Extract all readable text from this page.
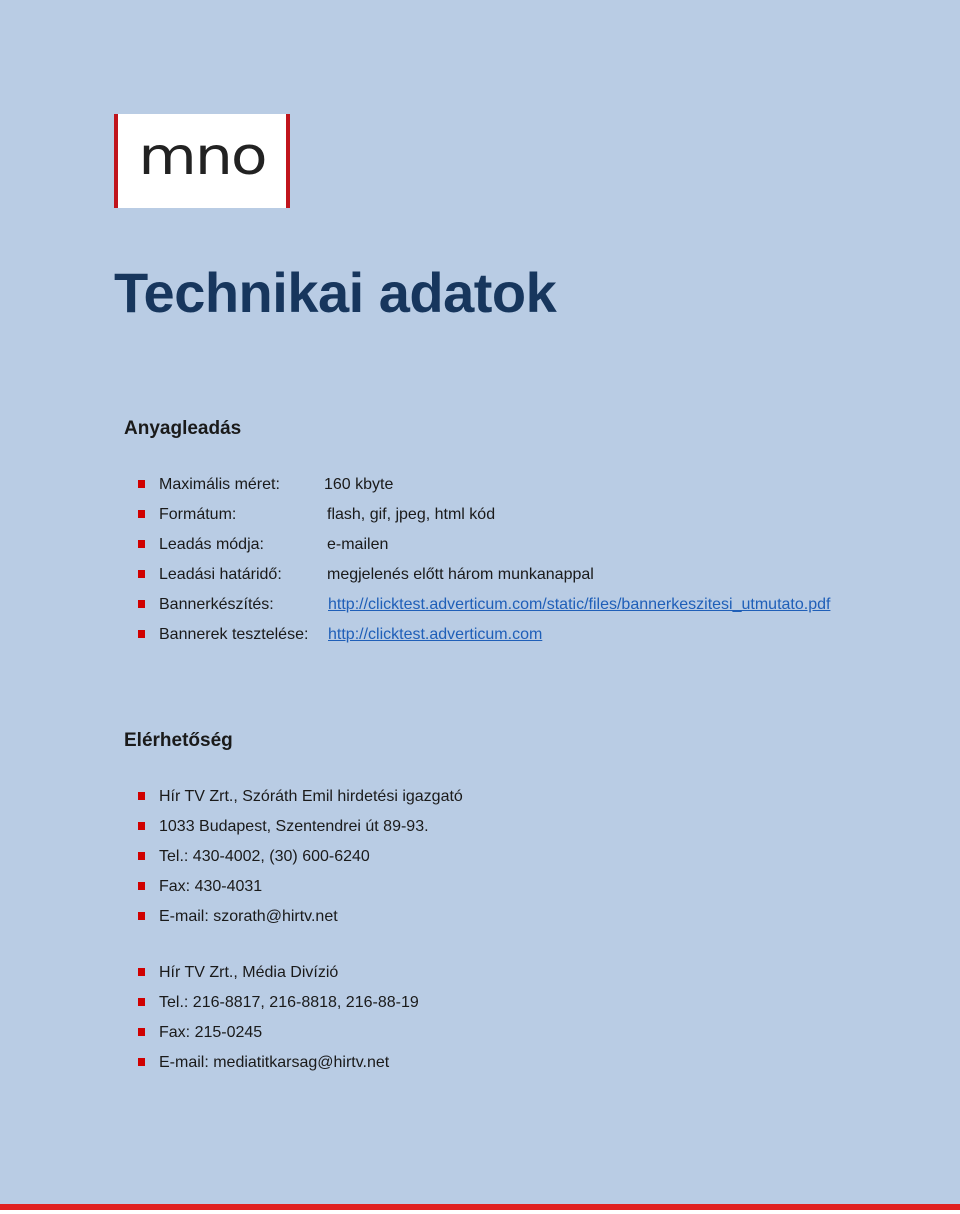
mno
Technikai adatok
Anyagleadás
Maximális méret:	160 kbyte
Formátum:	flash, gif, jpeg, html kód
Leadás módja:	e-mailen
Leadási határidő:	megjelenés előtt három munkanappal
Bannerkészítés:	http://clicktest.adverticum.com/static/files/bannerkeszitesi_utmutato.pdf
Bannerek tesztelése: http://clicktest.adverticum.com
Elérhetőség
Hír TV Zrt., Szóráth Emil hirdetési igazgató
1033 Budapest, Szentendrei út 89-93.
Tel.: 430-4002, (30) 600-6240
Fax: 430-4031
E-mail: szorath@hirtv.net
Hír TV Zrt., Média Divízió
Tel.: 216-8817, 216-8818, 216-88-19
Fax: 215-0245
E-mail: mediatitkarsag@hirtv.net
